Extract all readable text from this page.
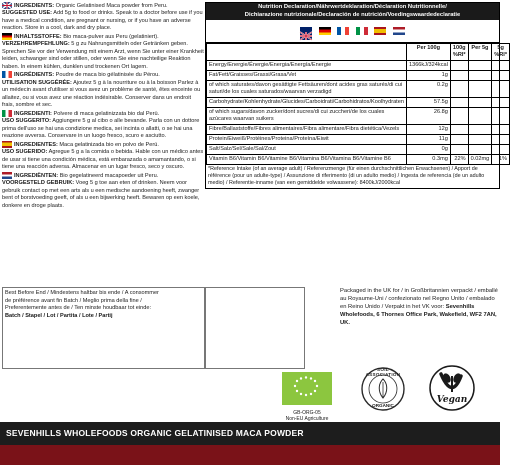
INGREDIENTS: Organic Gelatinised Maca powder from Peru.
SUGGESTED USE: Add 5g to food or drinks. Speak to a doctor before use if you have a medical condition, are pregnant or nursing, or if you have an adverse reaction. Store in a cool, dark and dry place.
INHALTSSTOFFE: Bio maca-pulver aus Peru (gelatiniert).
VERZEHREMPFEHLUNG: 5 g zu Nahrungsmitteln oder Getränken geben. Sprechen Sie vor der Verwendung mit einem Arzt, wenn Sie unter einer Krankheit leiden, schwanger sind oder stillen, oder wenn Sie eine nachteilige Reaktion haben. In einem kühlen, dunklen und trockenen Ort lagern.
INGRÉDIENTS: Poudre de maca bio gélatinisée du Pérou.
UTILISATION SUGGÉRÉE: Ajoutez 5 g à la nourriture ou à la boisson Parlez à un médecin avant d'utiliser si vous avez un problème de santé, êtes enceinte ou allaitez, ou si vous avez une réaction indésirable. Conserver dans un endroit frais, sombre et sec.
INGREDIENTI: Polvere di maca gelatinizzata bio dal Perù.
USO SUGGERITO: Aggiungere 5 g al cibo o alle bevande. Parla con un dottore prima dell'uso se hai una condizione medica, sei incinta o allatti, o se hai una reazione avversa. Conservare in un luogo fresco, scuro e asciutto.
INGREDIENTES: Maca gelatinizada bio en polvo de Perú.
USO SUGERIDO: Agregue 5 g a la comida o bebida. Hable con un médico antes de usar si tiene una condición médica, está embarazada o amamantando, o si tiene una reacción adversa. Almacenar en un lugar fresco, seco y oscuro.
INGREDIËNTEN: Bio gegelatineerd macapoeder uit Peru.
VOORGESTELD GEBRUIK: Voeg 5 g toe aan eten of drinken. Neem voor gebruik contact op met een arts als u een medische aandoening heeft, zwanger bent of borstvoeding geeft, of als u een bijwerking heeft. Bewaren op een koele, donkere en droge plaats.
Nutrition Declaration/Nährwertdeklaration/Déclaration Nutritionnelle/
Dichiarazione nutrizionale/Declaración de nutrición/Voedingswaardedeclaratie

	Per 100g	100g %RI*	Per 5g	5g %RI*
Energy/Energie/Énergie/Energia/Energía/Energie	1366kJ/324kcal			
Fat/Fett/Graisses/Grassi/Grasa/Vet	1g			
of which saturates/davon gesättigte Fettsäuren/dont acides gras saturés/di cui saturi/de los cuales saturados/waarvan verzadigd	0.2g			
Carbohydrate/Kohlenhydrate/Glucides/Carboidrati/Carbohidratos/Koolhydraten	57.5g			
of which sugars/davon zucker/dont sucres/di cui zuccheri/de los cuales azúcares waarvan suikers	26.8g			
Fibre/Ballaststoffe/Fibres alimentaires/Fibra alimentare/Fibra dietética/Vezels	12g			
Protein/Eiweiß/Protéines/Proteina/Proteína/Eiwit	11g			
Salt/Salz/Sel/Sale/Sal/Zout	0g			
Vitamin B6/Vitamin B6/Vitamine B6/Vitamina B6/Vitamina B6/Vitamine B6	0.3mg	22%	0.02mg	1%
*Reference Intake (of an average adult) / Referenzmenge (für einen durchschnittlichen Erwachsenen) / Apport de référence (pour un adulte-type) / Assunzione di riferimento (di un adulto medio) / Ingesta de referencia (de un adulto medio) / Referentie-inname (van een gemiddelde volwassene): 8400kJ/2000kcal
Best Before End / Mindestens haltbar bis ende / A consommer
de préférence avant fin Batch / Meglio prima della fine /
Preferentemente antes de / Ten minste houdbaar tot einde:
Batch / Stapel / Lot / Partita / Lote / Partij
Packaged in the UK for / in Großbritannien verpackt / emballé au Royaume-Uni / confezionato nel Regno Unito / embalado en Reino Unido / Verpakt in het VK voor: Sevenhills Wholefoods, 6 Thornes Office Park, Wakefield, WF2 7AN, UK.
GB-ORG-05
Non-EU Agriculture
SOIL ASSOCIATION
ORGANIC
Vegan
SEVENHILLS WHOLEFOODS ORGANIC GELATINISED MACA POWDER
